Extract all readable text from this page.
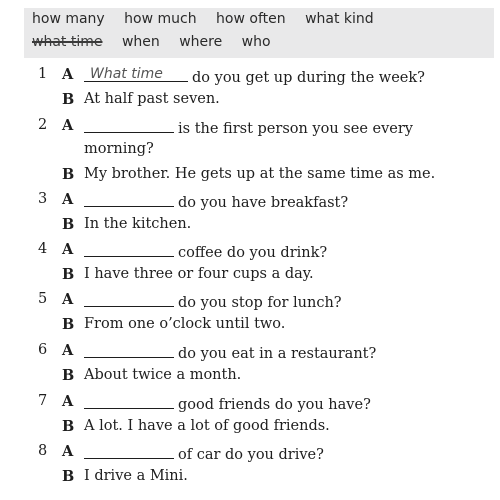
how many how much how often what kind
what time when where who
1	A What time do you get up during the week?
B At half past seven.
2	A	is the first person you see every
morning?
B My brother. He gets up at the same time as me.
3	A	do you have breakfast?
B In the kitchen.
4	A	coffee do you drink?
B I have three or four cups a day.
5	A	do you stop for lunch?
B From one o’clock until two.
6	A	do you eat in a restaurant?
B About twice a month.
7	A	good friends do you have?
B A lot. I have a lot of good friends.
8	A	of car do you drive?
B I drive a Mini.
